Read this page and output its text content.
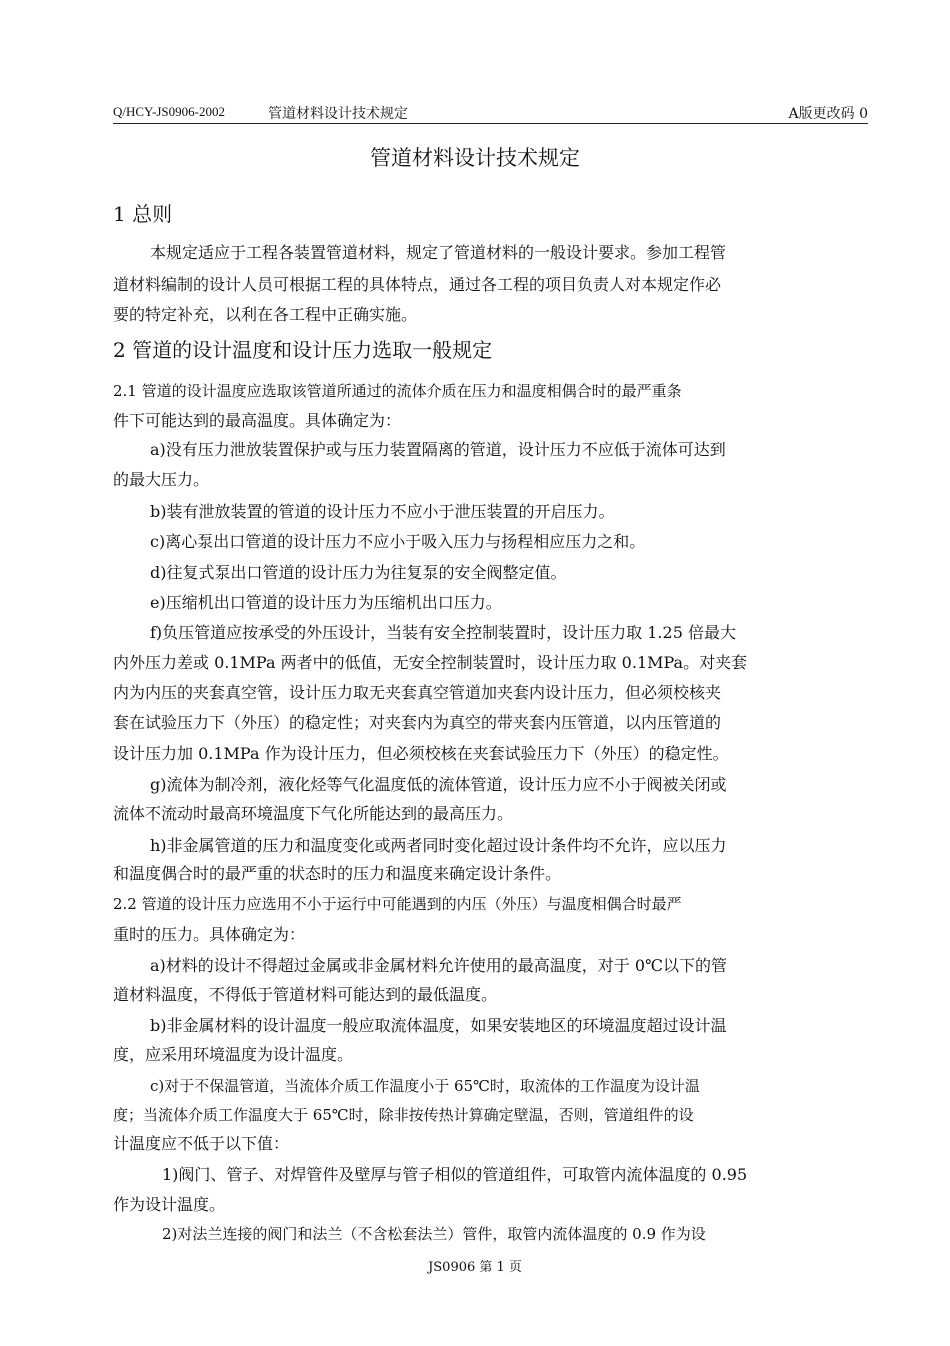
Q/HCY-JS0906-2002	管道材料设计技术规定	A版更改码 0
管道材料设计技术规定
1 总则
本规定适应于工程各装置管道材料，规定了管道材料的一般设计要求。参加工程管
道材料编制的设计人员可根据工程的具体特点，通过各工程的项目负责人对本规定作必
要的特定补充，以利在各工程中正确实施。
2 管道的设计温度和设计压力选取一般规定
2.1 管道的设计温度应选取该管道所通过的流体介质在压力和温度相偶合时的最严重条
件下可能达到的最高温度。具体确定为：
a)没有压力泄放装置保护或与压力装置隔离的管道，设计压力不应低于流体可达到
的最大压力。
b)装有泄放装置的管道的设计压力不应小于泄压装置的开启压力。
c)离心泵出口管道的设计压力不应小于吸入压力与扬程相应压力之和。
d)往复式泵出口管道的设计压力为往复泵的安全阀整定值。
e)压缩机出口管道的设计压力为压缩机出口压力。
f)负压管道应按承受的外压设计，当装有安全控制装置时，设计压力取 1.25 倍最大
内外压力差或 0.1MPa 两者中的低值，无安全控制装置时，设计压力取 0.1MPa。对夹套
内为内压的夹套真空管，设计压力取无夹套真空管道加夹套内设计压力，但必须校核夹
套在试验压力下（外压）的稳定性；对夹套内为真空的带夹套内压管道，以内压管道的
设计压力加 0.1MPa 作为设计压力，但必须校核在夹套试验压力下（外压）的稳定性。
g)流体为制冷剂，液化烃等气化温度低的流体管道，设计压力应不小于阀被关闭或
流体不流动时最高环境温度下气化所能达到的最高压力。
h)非金属管道的压力和温度变化或两者同时变化超过设计条件均不允许，应以压力
和温度偶合时的最严重的状态时的压力和温度来确定设计条件。
2.2 管道的设计压力应选用不小于运行中可能遇到的内压（外压）与温度相偶合时最严
重时的压力。具体确定为：
a)材料的设计不得超过金属或非金属材料允许使用的最高温度，对于 0℃以下的管
道材料温度，不得低于管道材料可能达到的最低温度。
b)非金属材料的设计温度一般应取流体温度，如果安装地区的环境温度超过设计温
度，应采用环境温度为设计温度。
c)对于不保温管道，当流体介质工作温度小于 65℃时，取流体的工作温度为设计温
度；当流体介质工作温度大于 65℃时，除非按传热计算确定壁温，否则，管道组件的设
计温度应不低于以下值：
1)阀门、管子、对焊管件及壁厚与管子相似的管道组件，可取管内流体温度的 0.95
作为设计温度。
2)对法兰连接的阀门和法兰（不含松套法兰）管件，取管内流体温度的 0.9 作为设
JS0906 第 1 页
